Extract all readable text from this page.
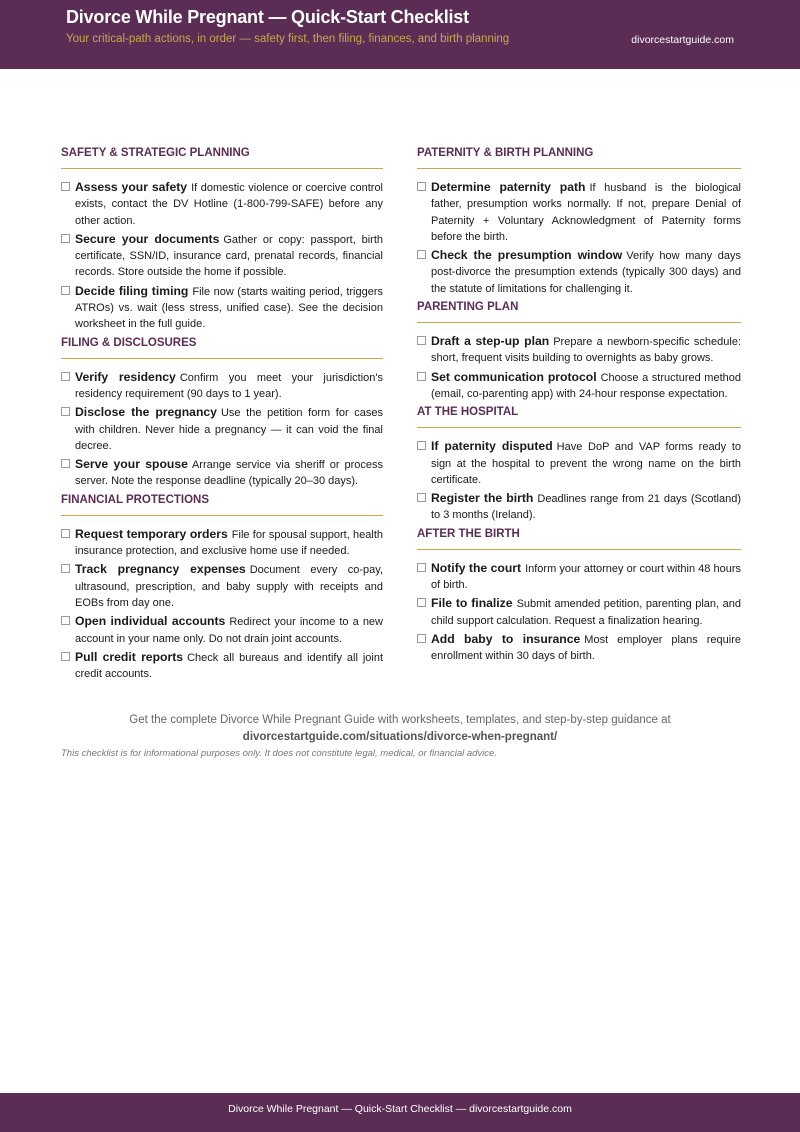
Divorce While Pregnant — Quick-Start Checklist
Your critical-path actions, in order — safety first, then filing, finances, and birth planning	divorcestartguide.com
SAFETY & STRATEGIC PLANNING
Assess your safety If domestic violence or coercive control exists, contact the DV Hotline (1-800-799-SAFE) before any other action.
Secure your documents Gather or copy: passport, birth certificate, SSN/ID, insurance card, prenatal records, financial records. Store outside the home if possible.
Decide filing timing File now (starts waiting period, triggers ATROs) vs. wait (less stress, unified case). See the decision worksheet in the full guide.
FILING & DISCLOSURES
Verify residency Confirm you meet your jurisdiction's residency requirement (90 days to 1 year).
Disclose the pregnancy Use the petition form for cases with children. Never hide a pregnancy — it can void the final decree.
Serve your spouse Arrange service via sheriff or process server. Note the response deadline (typically 20–30 days).
FINANCIAL PROTECTIONS
Request temporary orders File for spousal support, health insurance protection, and exclusive home use if needed.
Track pregnancy expenses Document every co-pay, ultrasound, prescription, and baby supply with receipts and EOBs from day one.
Open individual accounts Redirect your income to a new account in your name only. Do not drain joint accounts.
Pull credit reports Check all bureaus and identify all joint credit accounts.
PATERNITY & BIRTH PLANNING
Determine paternity path If husband is the biological father, presumption works normally. If not, prepare Denial of Paternity + Voluntary Acknowledgment of Paternity forms before the birth.
Check the presumption window Verify how many days post-divorce the presumption extends (typically 300 days) and the statute of limitations for challenging it.
PARENTING PLAN
Draft a step-up plan Prepare a newborn-specific schedule: short, frequent visits building to overnights as baby grows.
Set communication protocol Choose a structured method (email, co-parenting app) with 24-hour response expectation.
AT THE HOSPITAL
If paternity disputed Have DoP and VAP forms ready to sign at the hospital to prevent the wrong name on the birth certificate.
Register the birth Deadlines range from 21 days (Scotland) to 3 months (Ireland).
AFTER THE BIRTH
Notify the court Inform your attorney or court within 48 hours of birth.
File to finalize Submit amended petition, parenting plan, and child support calculation. Request a finalization hearing.
Add baby to insurance Most employer plans require enrollment within 30 days of birth.
Get the complete Divorce While Pregnant Guide with worksheets, templates, and step-by-step guidance at
divorcestartguide.com/situations/divorce-when-pregnant/
This checklist is for informational purposes only. It does not constitute legal, medical, or financial advice.
Divorce While Pregnant — Quick-Start Checklist — divorcestartguide.com
